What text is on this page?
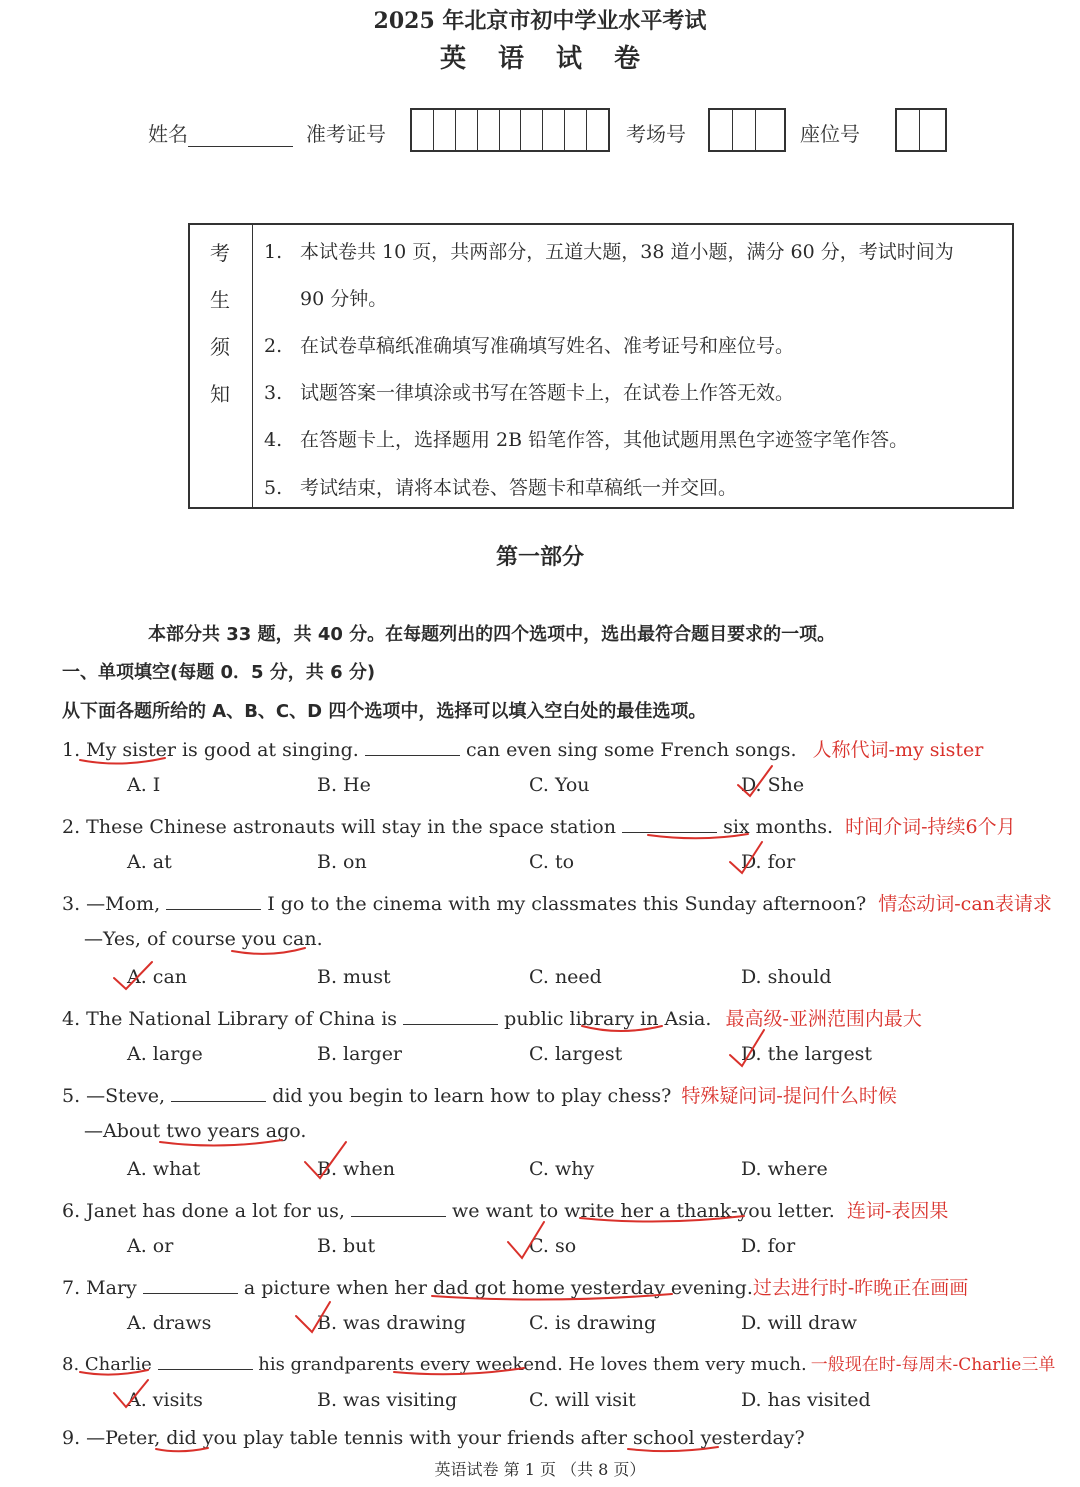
2025 年北京市初中学业水平考试
英语试卷
姓名	准考证号	考场号	座位号
考
生
须
知
1. 本试卷共 10 页，共两部分，五道大题，38 道小题，满分 60 分，考试时间为
90 分钟。
2. 在试卷草稿纸准确填写准确填写姓名、准考证号和座位号。
3. 试题答案一律填涂或书写在答题卡上，在试卷上作答无效。
4. 在答题卡上，选择题用 2B 铅笔作答，其他试题用黑色字迹签字笔作答。
5. 考试结束，请将本试卷、答题卡和草稿纸一并交回。
第一部分
本部分共 33 题，共 40 分。在每题列出的四个选项中，选出最符合题目要求的一项。
一、单项填空(每题 0．5 分，共 6 分)
从下面各题所给的 A、B、C、D 四个选项中，选择可以填入空白处的最佳选项。
1. My sister is good at singing.	can even sing some French songs. 人称代词-my sister
A. I	B. He	C. You	D. She
2. These Chinese astronauts will stay in the space station	six months. 时间介词-持续6个月
A. at	B. on	C. to	D. for
3. —Mom,	I go to the cinema with my classmates this Sunday afternoon? 情态动词-can表请求
—Yes, of course you can.
A. can	B. must	C. need	D. should
4. The National Library of China is	public library in Asia. 最高级-亚洲范围内最大
A. large	B. larger	C. largest	D. the largest
5. —Steve,	did you begin to learn how to play chess? 特殊疑问词-提问什么时候
—About two years ago.
A. what	B. when	C. why	D. where
6. Janet has done a lot for us,	we want to write her a thank-you letter. 连词-表因果
A. or	B. but	C. so	D. for
7. Mary	a picture when her dad got home yesterday evening.过去进行时-昨晚正在画画
A. draws	B. was drawing	C. is drawing	D. will draw
8. Charlie	his grandparents every weekend. He loves them very much. 一般现在时-每周末-Charlie三单
A. visits	B. was visiting	C. will visit	D. has visited
9. —Peter, did you play table tennis with your friends after school yesterday?
英语试卷 第 1 页 （共 8 页）
